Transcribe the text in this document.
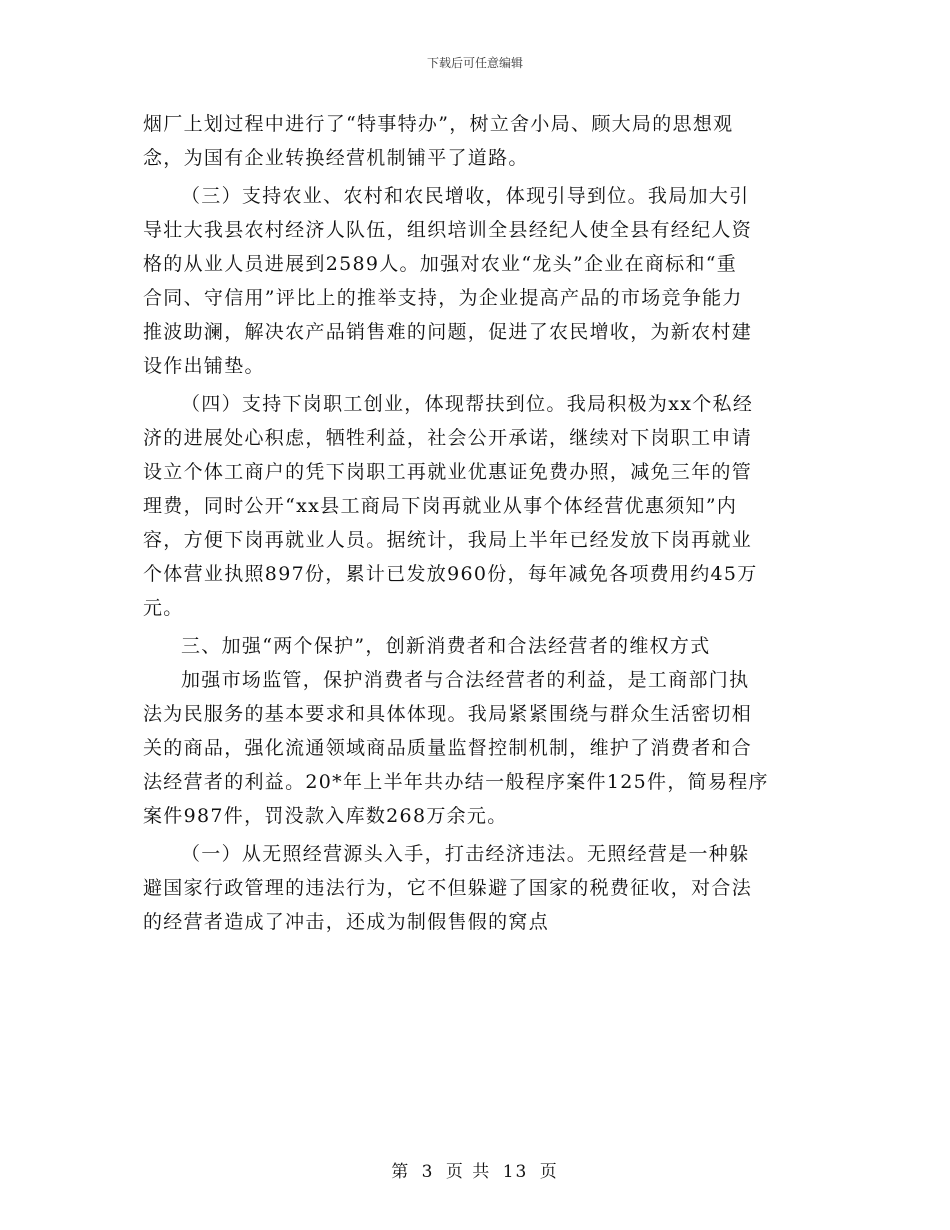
下载后可任意编辑
烟厂上划过程中进行了“特事特办”，树立舍小局、顾大局的思想观
念，为国有企业转换经营机制铺平了道路。
（三）支持农业、农村和农民增收，体现引导到位。我局加大引
导壮大我县农村经济人队伍，组织培训全县经纪人使全县有经纪人资
格的从业人员进展到2589人。加强对农业“龙头”企业在商标和“重
合同、守信用”评比上的推举支持，为企业提高产品的市场竞争能力
推波助澜，解决农产品销售难的问题，促进了农民增收，为新农村建
设作出铺垫。
（四）支持下岗职工创业，体现帮扶到位。我局积极为xx个私经
济的进展处心积虑，牺牲利益，社会公开承诺，继续对下岗职工申请
设立个体工商户的凭下岗职工再就业优惠证免费办照，减免三年的管
理费，同时公开“xx县工商局下岗再就业从事个体经营优惠须知”内
容，方便下岗再就业人员。据统计，我局上半年已经发放下岗再就业
个体营业执照897份，累计已发放960份，每年减免各项费用约45万
元。
三、加强“两个保护”，创新消费者和合法经营者的维权方式
加强市场监管，保护消费者与合法经营者的利益，是工商部门执
法为民服务的基本要求和具体体现。我局紧紧围绕与群众生活密切相
关的商品，强化流通领域商品质量监督控制机制，维护了消费者和合
法经营者的利益。20*年上半年共办结一般程序案件125件，简易程序
案件987件，罚没款入库数268万余元。
（一）从无照经营源头入手，打击经济违法。无照经营是一种躲
避国家行政管理的违法行为，它不但躲避了国家的税费征收，对合法
的经营者造成了冲击，还成为制假售假的窝点
第 3 页 共 13 页
